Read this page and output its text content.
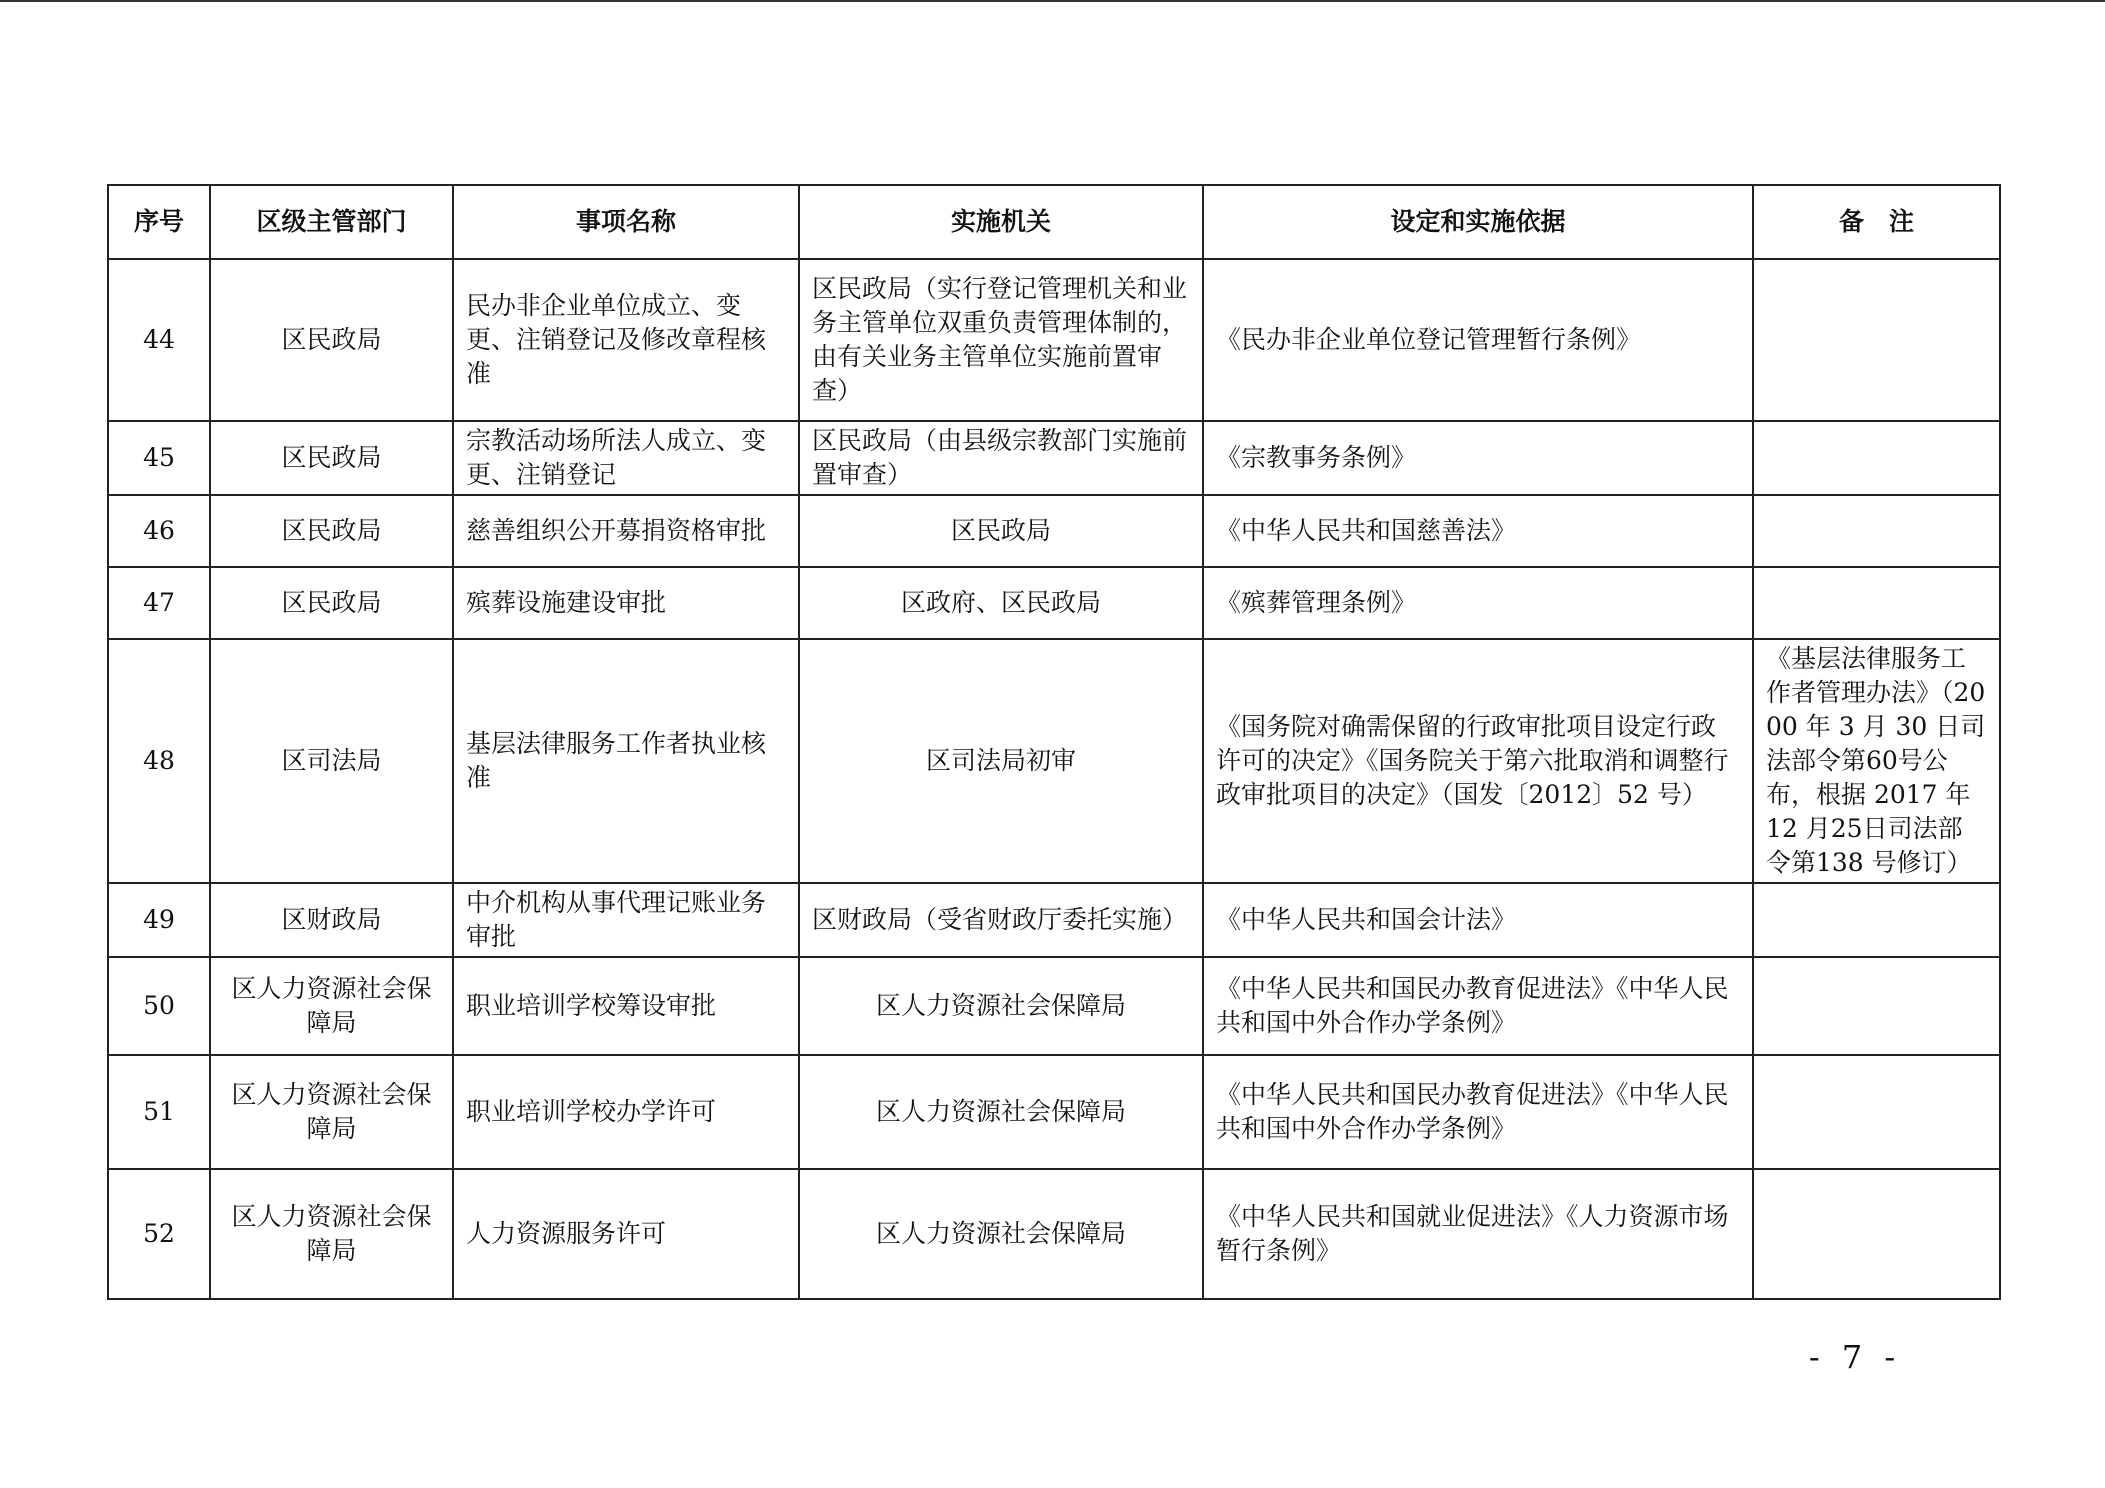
序号	区级主管部门	事项名称	实施机关	设定和实施依据	备　注
44	区民政局	民办非企业单位成立、变更、注销登记及修改章程核准	区民政局（实行登记管理机关和业务主管单位双重负责管理体制的，由有关业务主管单位实施前置审查）	《民办非企业单位登记管理暂行条例》	
45	区民政局	宗教活动场所法人成立、变更、注销登记	区民政局（由县级宗教部门实施前置审查）	《宗教事务条例》	
46	区民政局	慈善组织公开募捐资格审批	区民政局	《中华人民共和国慈善法》	
47	区民政局	殡葬设施建设审批	区政府、区民政局	《殡葬管理条例》	
48	区司法局	基层法律服务工作者执业核准	区司法局初审	《国务院对确需保留的行政审批项目设定行政许可的决定》《国务院关于第六批取消和调整行政审批项目的决定》（国发〔2012〕52 号）	《基层法律服务工作者管理办法》（2000 年 3 月 30 日司法部令第60号公布，根据 2017 年 12 月25日司法部令第138 号修订）
49	区财政局	中介机构从事代理记账业务审批	区财政局（受省财政厅委托实施）	《中华人民共和国会计法》	
50	区人力资源社会保障局	职业培训学校筹设审批	区人力资源社会保障局	《中华人民共和国民办教育促进法》《中华人民共和国中外合作办学条例》	
51	区人力资源社会保障局	职业培训学校办学许可	区人力资源社会保障局	《中华人民共和国民办教育促进法》《中华人民共和国中外合作办学条例》	
52	区人力资源社会保障局	人力资源服务许可	区人力资源社会保障局	《中华人民共和国就业促进法》《人力资源市场暂行条例》	
- 7 -
